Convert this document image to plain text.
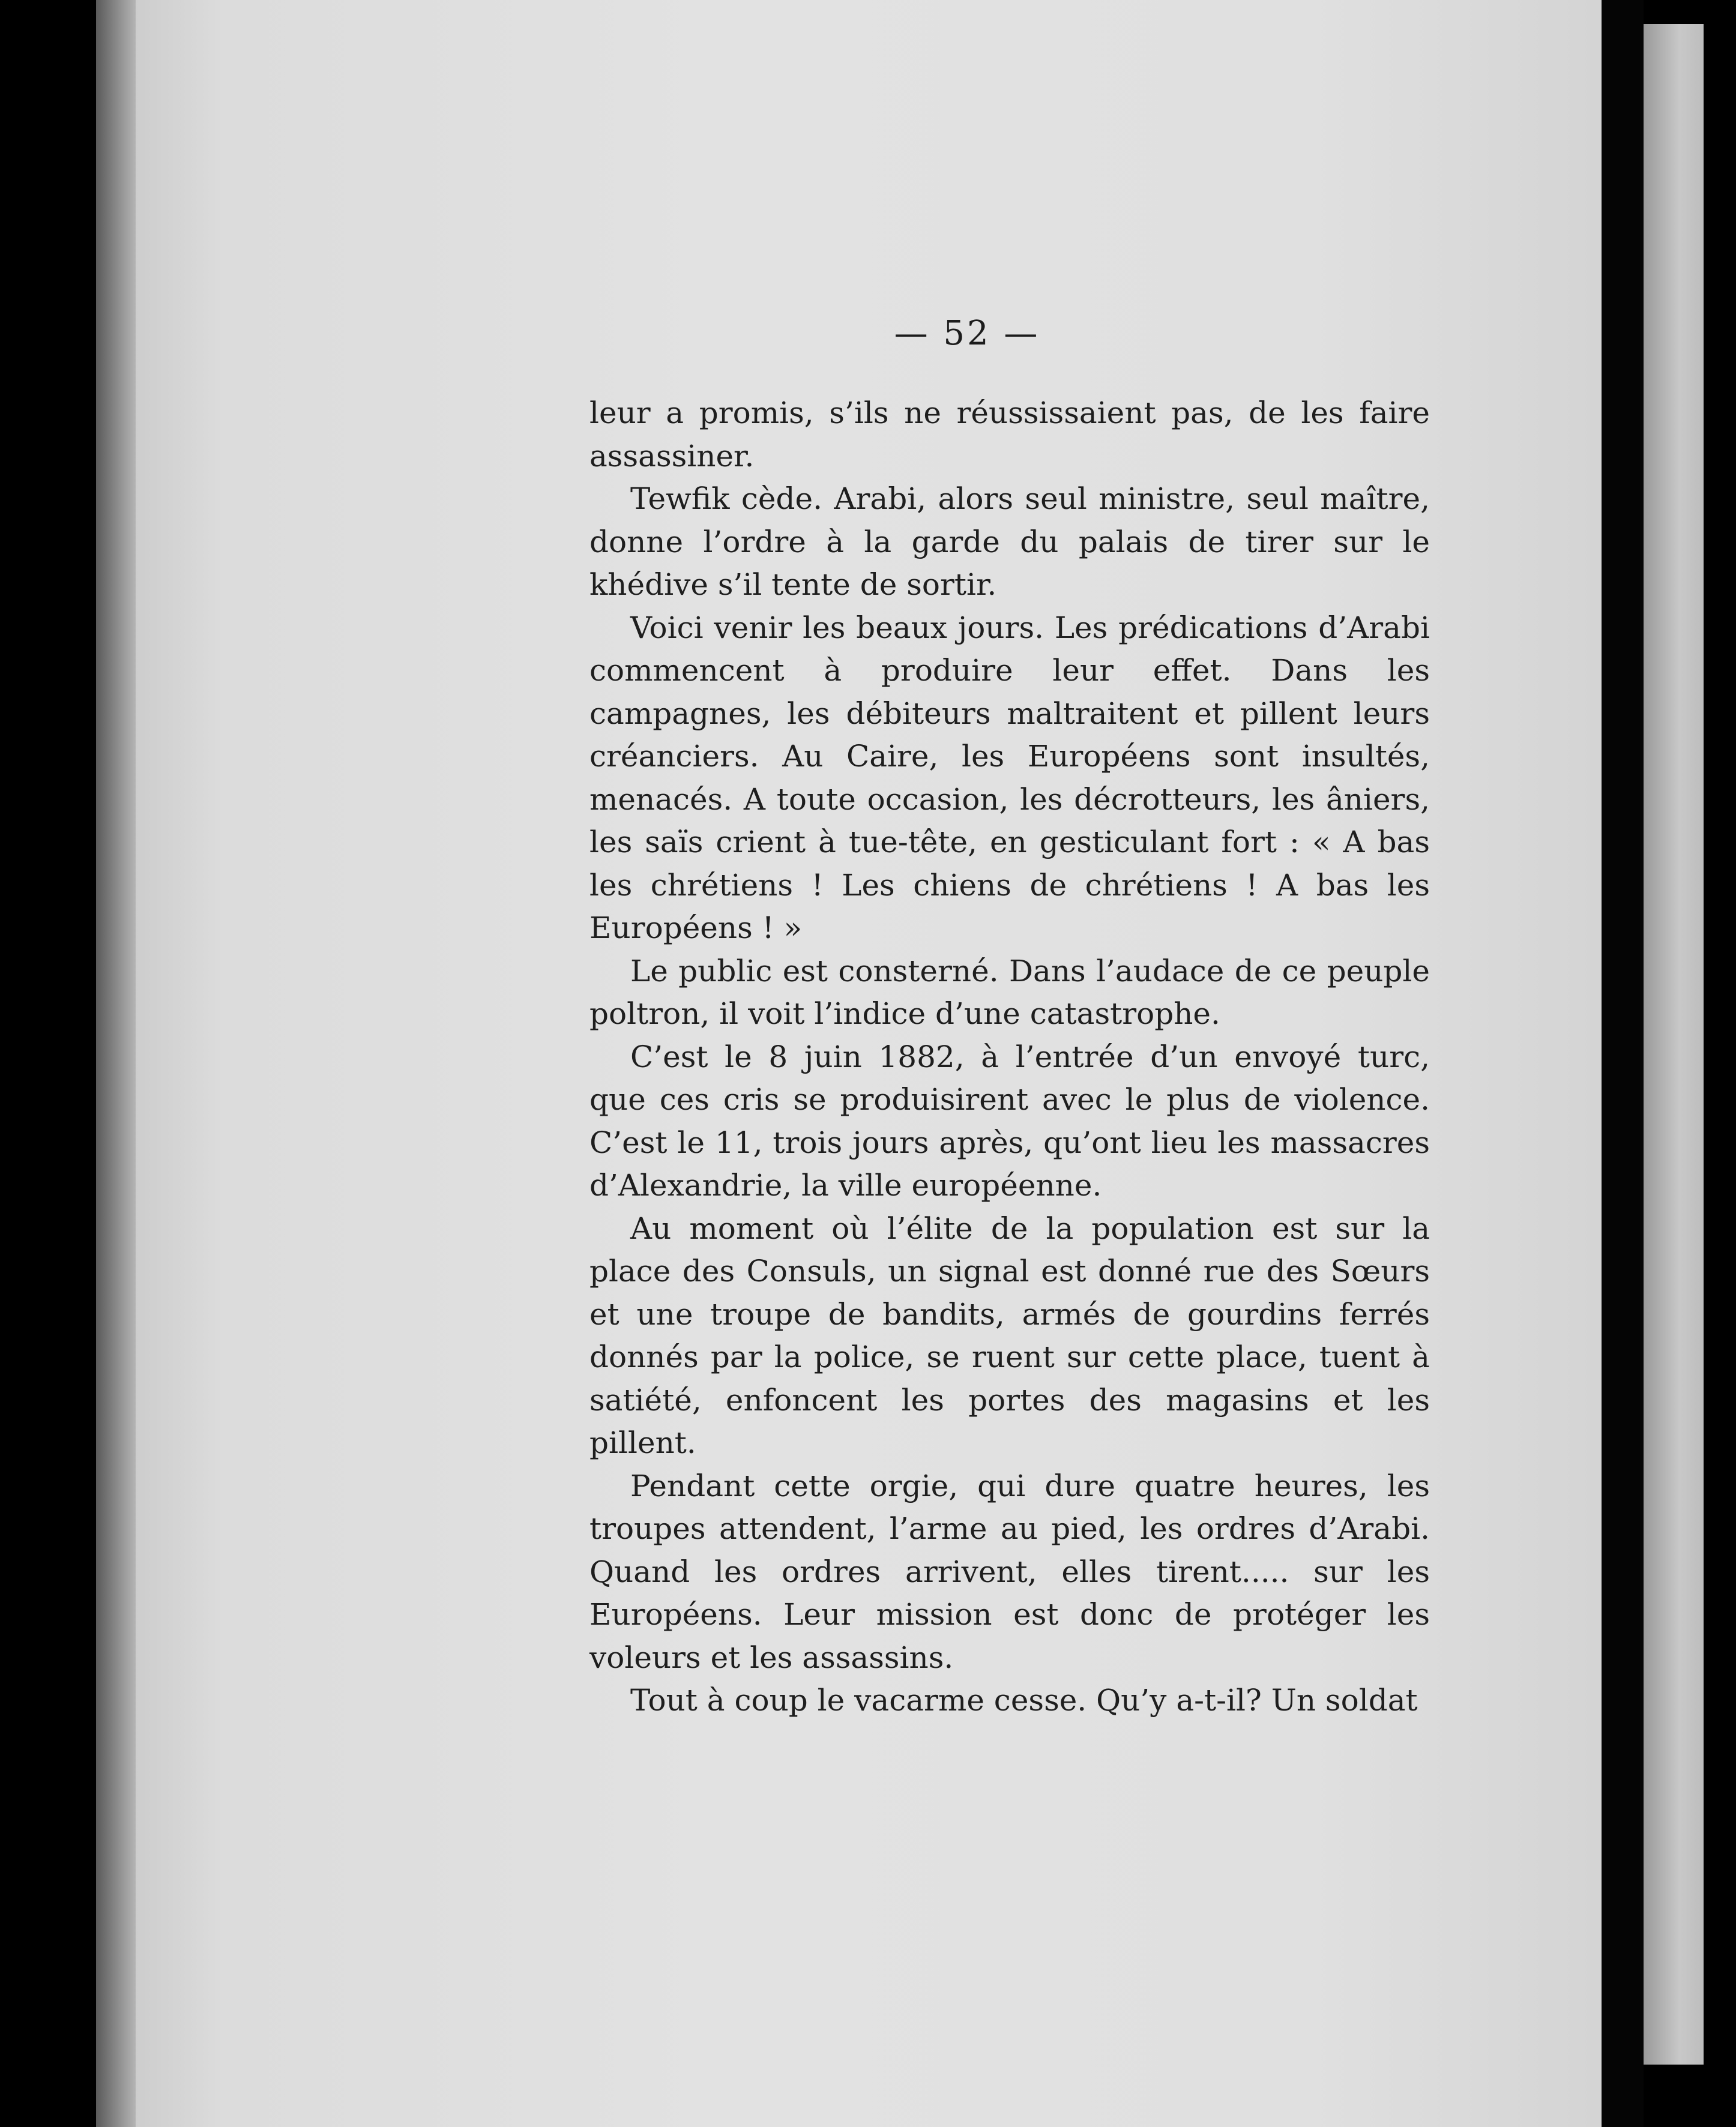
— 52 —

leur a promis, s’ils ne réussissaient pas, de les faire assassiner.

Tewfik cède. Arabi, alors seul ministre, seul maître, donne l’ordre à la garde du palais de tirer sur le khédive s’il tente de sortir.

Voici venir les beaux jours. Les prédications d’Arabi commencent à produire leur effet. Dans les campagnes, les débiteurs maltraitent et pillent leurs créanciers. Au Caire, les Européens sont insultés, menacés. A toute occasion, les décrotteurs, les âniers, les saïs crient à tue-tête, en gesticulant fort : « A bas les chrétiens ! Les chiens de chrétiens ! A bas les Européens ! »

Le public est consterné. Dans l’audace de ce peuple poltron, il voit l’indice d’une catastrophe.

C’est le 8 juin 1882, à l’entrée d’un envoyé turc, que ces cris se produisirent avec le plus de violence. C’est le 11, trois jours après, qu’ont lieu les massacres d’Alexandrie, la ville européenne.

Au moment où l’élite de la population est sur la place des Consuls, un signal est donné rue des Sœurs et une troupe de bandits, armés de gourdins ferrés donnés par la police, se ruent sur cette place, tuent à satiété, enfoncent les portes des magasins et les pillent.

Pendant cette orgie, qui dure quatre heures, les troupes attendent, l’arme au pied, les ordres d’Arabi. Quand les ordres arrivent, elles tirent..... sur les Européens. Leur mission est donc de protéger les voleurs et les assassins.

Tout à coup le vacarme cesse. Qu’y a-t-il? Un soldat
